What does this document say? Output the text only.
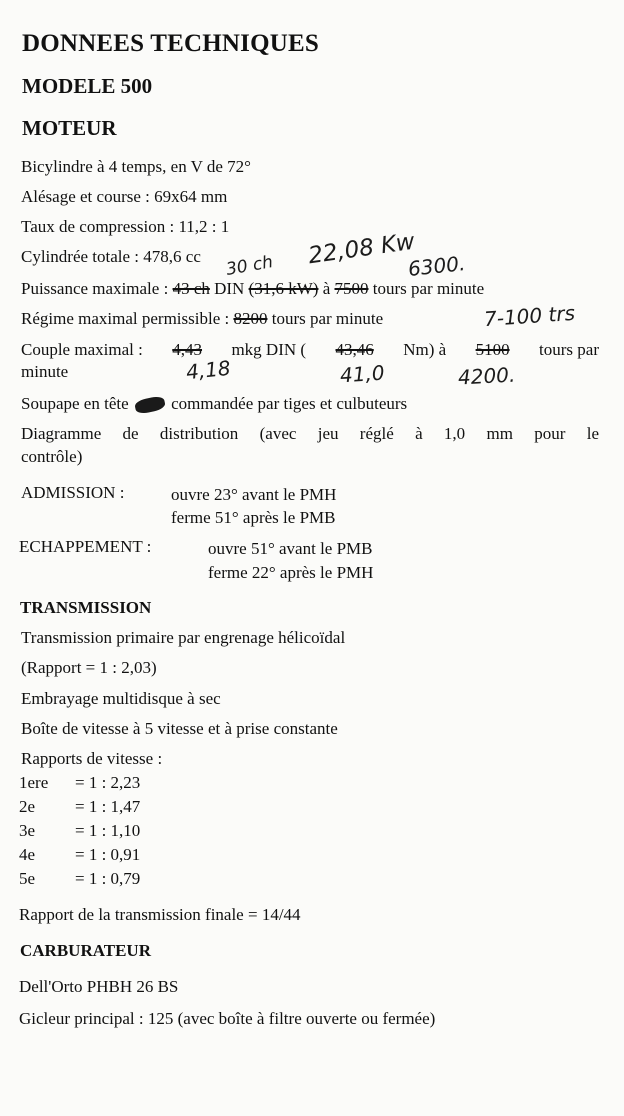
DONNEES TECHNIQUES
MODELE 500
MOTEUR
Bicylindre à 4 temps, en V de 72°
Alésage et course : 69x64 mm
Taux de compression : 11,2 : 1
Cylindrée totale : 478,6 cc
Puissance maximale : 43 ch DIN (31,6 kW) à 7500 tours par minute
Régime maximal permissible : 8200 tours par minute
Couple maximal : 4,43 mkg DIN ( 43,46 Nm) à 5100 tours par
minute
Soupape en tête  commandée par tiges et culbuteurs
Diagramme de distribution (avec jeu réglé à 1,0 mm pour le
contrôle)
ADMISSION :	ouvre 23° avant le PMH
ferme 51° après le PMB
ECHAPPEMENT :	ouvre 51° avant le PMB
ferme 22° après le PMH
22,08 Kw
30 ch	6300.
7-100 trs
4,18	41,0	4200.
TRANSMISSION
Transmission primaire par engrenage hélicoïdal
(Rapport = 1 : 2,03)
Embrayage multidisque à sec
Boîte de vitesse à 5 vitesse et à prise constante
Rapports de vitesse :
1ere	= 1 : 2,23
2e	= 1 : 1,47
3e	= 1 : 1,10
4e	= 1 : 0,91
5e	= 1 : 0,79
Rapport de la transmission finale = 14/44
CARBURATEUR
Dell'Orto PHBH 26 BS
Gicleur principal : 125 (avec boîte à filtre ouverte ou fermée)
